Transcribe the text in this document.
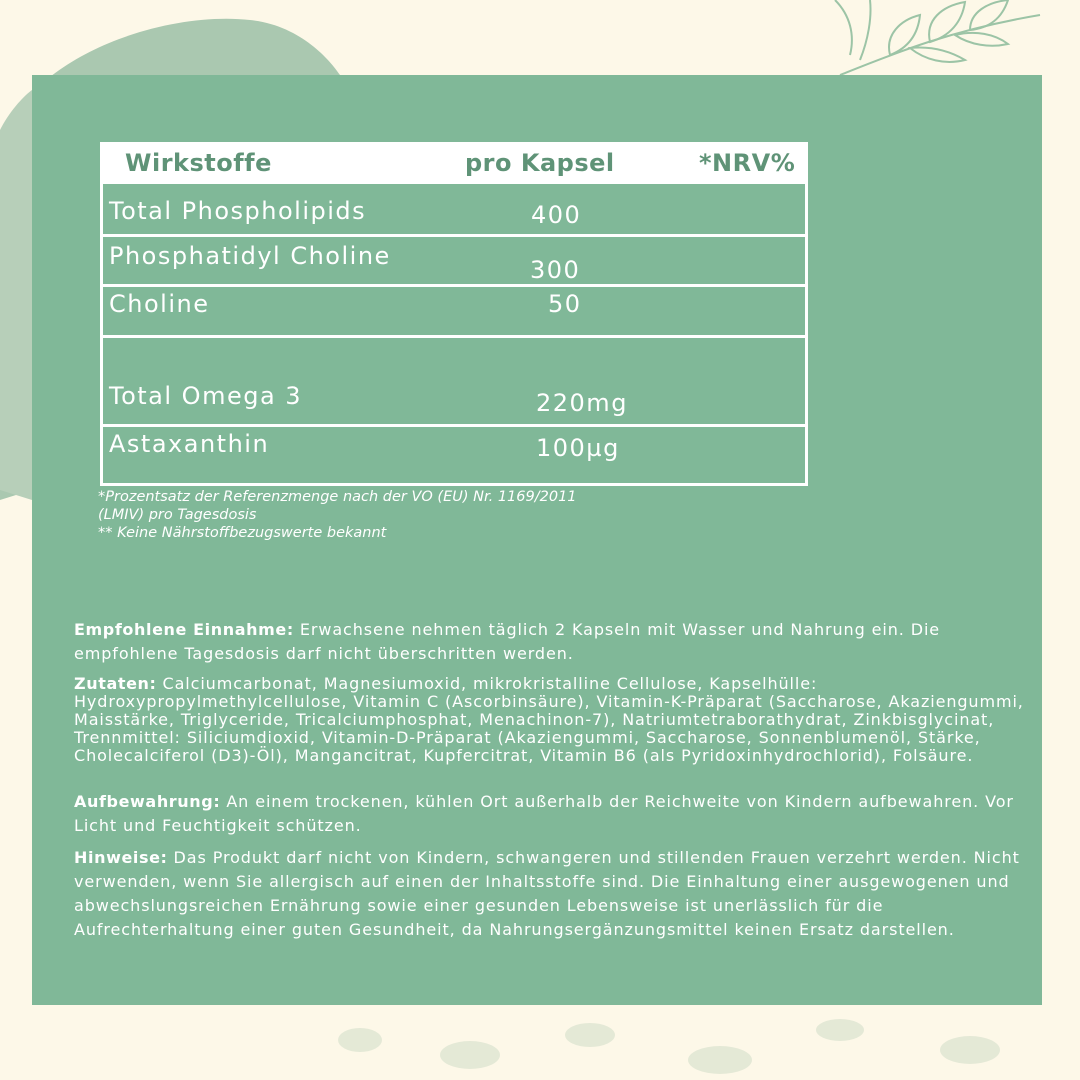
Wirkstoffe	pro Kapsel	*NRV%
Total Phospholipids	400
Phosphatidyl Choline	300
Choline	50
Total Omega 3	220mg
Astaxanthin	100µg
*Prozentsatz der Referenzmenge nach der VO (EU) Nr. 1169/2011
(LMIV) pro Tagesdosis
** Keine Nährstoffbezugswerte bekannt
Empfohlene Einnahme: Erwachsene nehmen täglich 2 Kapseln mit Wasser und Nahrung ein. Die empfohlene Tagesdosis darf nicht überschritten werden.
Zutaten: Calciumcarbonat, Magnesiumoxid, mikrokristalline Cellulose, Kapselhülle: Hydroxypropylmethylcellulose, Vitamin C (Ascorbinsäure), Vitamin-K-Präparat (Saccharose, Akaziengummi, Maisstärke, Triglyceride, Tricalciumphosphat, Menachinon-7), Natriumtetraborathydrat, Zinkbisglycinat, Trennmittel: Siliciumdioxid, Vitamin-D-Präparat (Akaziengummi, Saccharose, Sonnenblumenöl, Stärke, Cholecalciferol (D3)-Öl), Mangancitrat, Kupfercitrat, Vitamin B6 (als Pyridoxinhydrochlorid), Folsäure.
Aufbewahrung: An einem trockenen, kühlen Ort außerhalb der Reichweite von Kindern aufbewahren. Vor Licht und Feuchtigkeit schützen.
Hinweise: Das Produkt darf nicht von Kindern, schwangeren und stillenden Frauen verzehrt werden. Nicht verwenden, wenn Sie allergisch auf einen der Inhaltsstoffe sind. Die Einhaltung einer ausgewogenen und abwechslungsreichen Ernährung sowie einer gesunden Lebensweise ist unerlässlich für die Aufrechterhaltung einer guten Gesundheit, da Nahrungsergänzungsmittel keinen Ersatz darstellen.
